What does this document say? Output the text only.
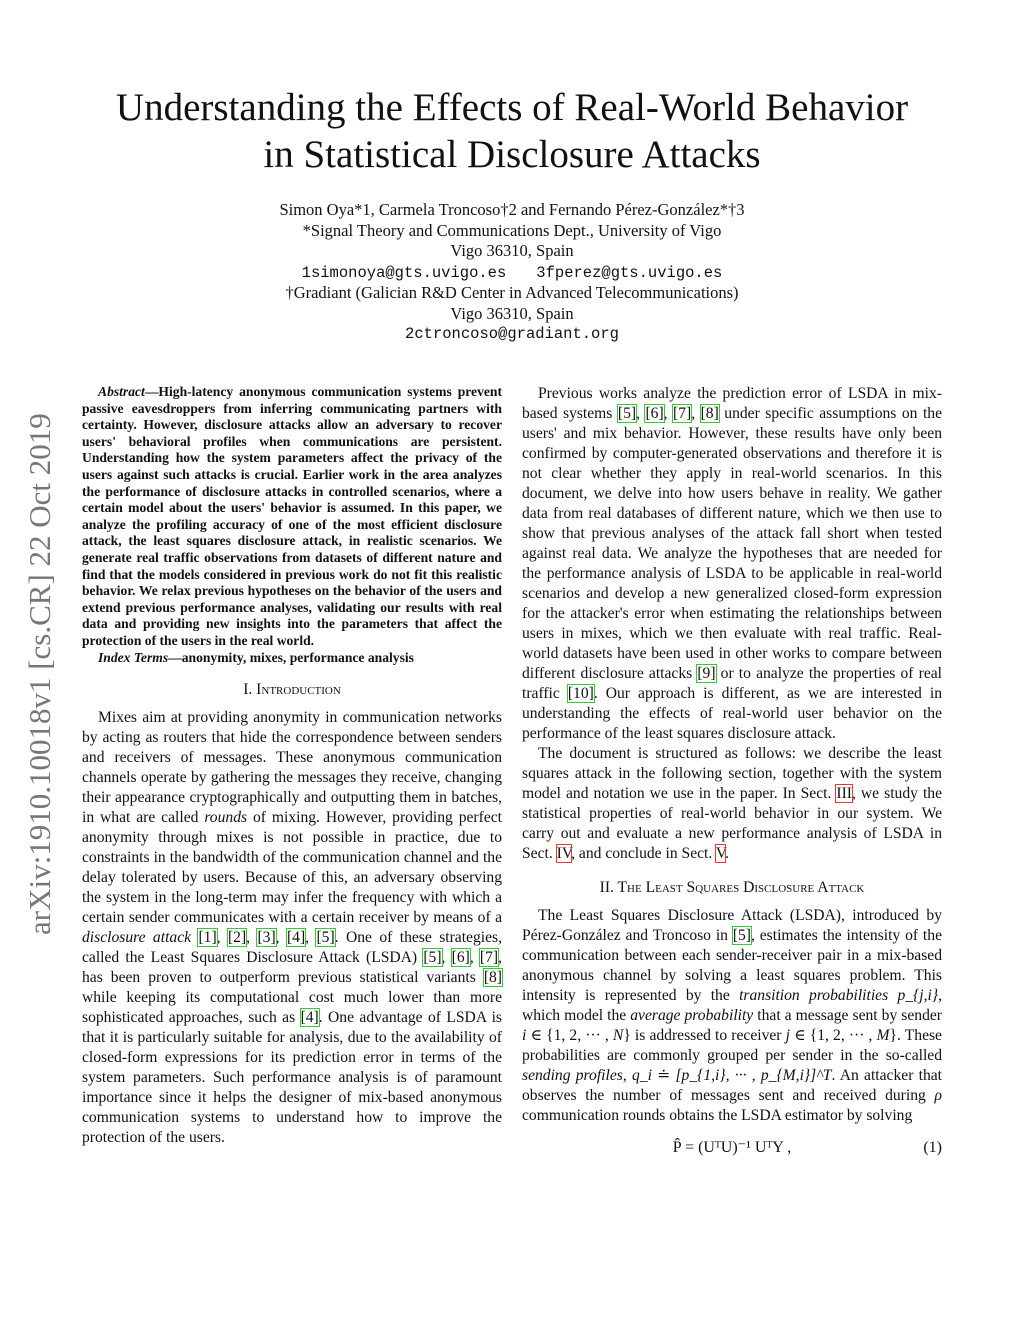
Understanding the Effects of Real-World Behavior
in Statistical Disclosure Attacks
Simon Oya*1, Carmela Troncoso†2 and Fernando Pérez-González*†3
*Signal Theory and Communications Dept., University of Vigo
Vigo 36310, Spain
1simonoya@gts.uvigo.es 3fperez@gts.uvigo.es
†Gradiant (Galician R&D Center in Advanced Telecommunications)
Vigo 36310, Spain
2ctroncoso@gradiant.org
arXiv:1910.10018v1 [cs.CR] 22 Oct 2019

Abstract—High-latency anonymous communication systems prevent passive eavesdroppers from inferring communicating partners with certainty. However, disclosure attacks allow an adversary to recover users' behavioral profiles when communications are persistent. Understanding how the system parameters affect the privacy of the users against such attacks is crucial. Earlier work in the area analyzes the performance of disclosure attacks in controlled scenarios, where a certain model about the users' behavior is assumed. In this paper, we analyze the profiling accuracy of one of the most efficient disclosure attack, the least squares disclosure attack, in realistic scenarios. We generate real traffic observations from datasets of different nature and find that the models considered in previous work do not fit this realistic behavior. We relax previous hypotheses on the behavior of the users and extend previous performance analyses, validating our results with real data and providing new insights into the parameters that affect the protection of the users in the real world.

Index Terms—anonymity, mixes, performance analysis

I. Introduction

Mixes aim at providing anonymity in communication networks by acting as routers that hide the correspondence between senders and receivers of messages. These anonymous communication channels operate by gathering the messages they receive, changing their appearance cryptographically and outputting them in batches, in what are called rounds of mixing. However, providing perfect anonymity through mixes is not possible in practice, due to constraints in the bandwidth of the communication channel and the delay tolerated by users. Because of this, an adversary observing the system in the long-term may infer the frequency with which a certain sender communicates with a certain receiver by means of a disclosure attack [1], [2], [3], [4], [5]. One of these strategies, called the Least Squares Disclosure Attack (LSDA) [5], [6], [7], has been proven to outperform previous statistical variants [8] while keeping its computational cost much lower than more sophisticated approaches, such as [4]. One advantage of LSDA is that it is particularly suitable for analysis, due to the availability of closed-form expressions for its prediction error in terms of the system parameters. Such performance analysis is of paramount importance since it helps the designer of mix-based anonymous communication systems to understand how to improve the protection of the users.

Previous works analyze the prediction error of LSDA in mix-based systems [5], [6], [7], [8] under specific assumptions on the users' and mix behavior. However, these results have only been confirmed by computer-generated observations and therefore it is not clear whether they apply in real-world scenarios. In this document, we delve into how users behave in reality. We gather data from real databases of different nature, which we then use to show that previous analyses of the attack fall short when tested against real data. We analyze the hypotheses that are needed for the performance analysis of LSDA to be applicable in real-world scenarios and develop a new generalized closed-form expression for the attacker's error when estimating the relationships between users in mixes, which we then evaluate with real traffic. Real-world datasets have been used in other works to compare between different disclosure attacks [9] or to analyze the properties of real traffic [10]. Our approach is different, as we are interested in understanding the effects of real-world user behavior on the performance of the least squares disclosure attack.

The document is structured as follows: we describe the least squares attack in the following section, together with the system model and notation we use in the paper. In Sect. III, we study the statistical properties of real-world behavior in our system. We carry out and evaluate a new performance analysis of LSDA in Sect. IV, and conclude in Sect. V.

II. The Least Squares Disclosure Attack

The Least Squares Disclosure Attack (LSDA), introduced by Pérez-González and Troncoso in [5], estimates the intensity of the communication between each sender-receiver pair in a mix-based anonymous channel by solving a least squares problem. This intensity is represented by the transition probabilities p_{j,i}, which model the average probability that a message sent by sender i ∈ {1, 2, ··· , N} is addressed to receiver j ∈ {1, 2, ··· , M}. These probabilities are commonly grouped per sender in the so-called sending profiles, q_i ≐ [p_{1,i}, ··· , p_{M,i}]^T. An attacker that observes the number of messages sent and received during ρ communication rounds obtains the LSDA estimator by solving

P̂ = (UᵀU)⁻¹ UᵀY ,	(1)
